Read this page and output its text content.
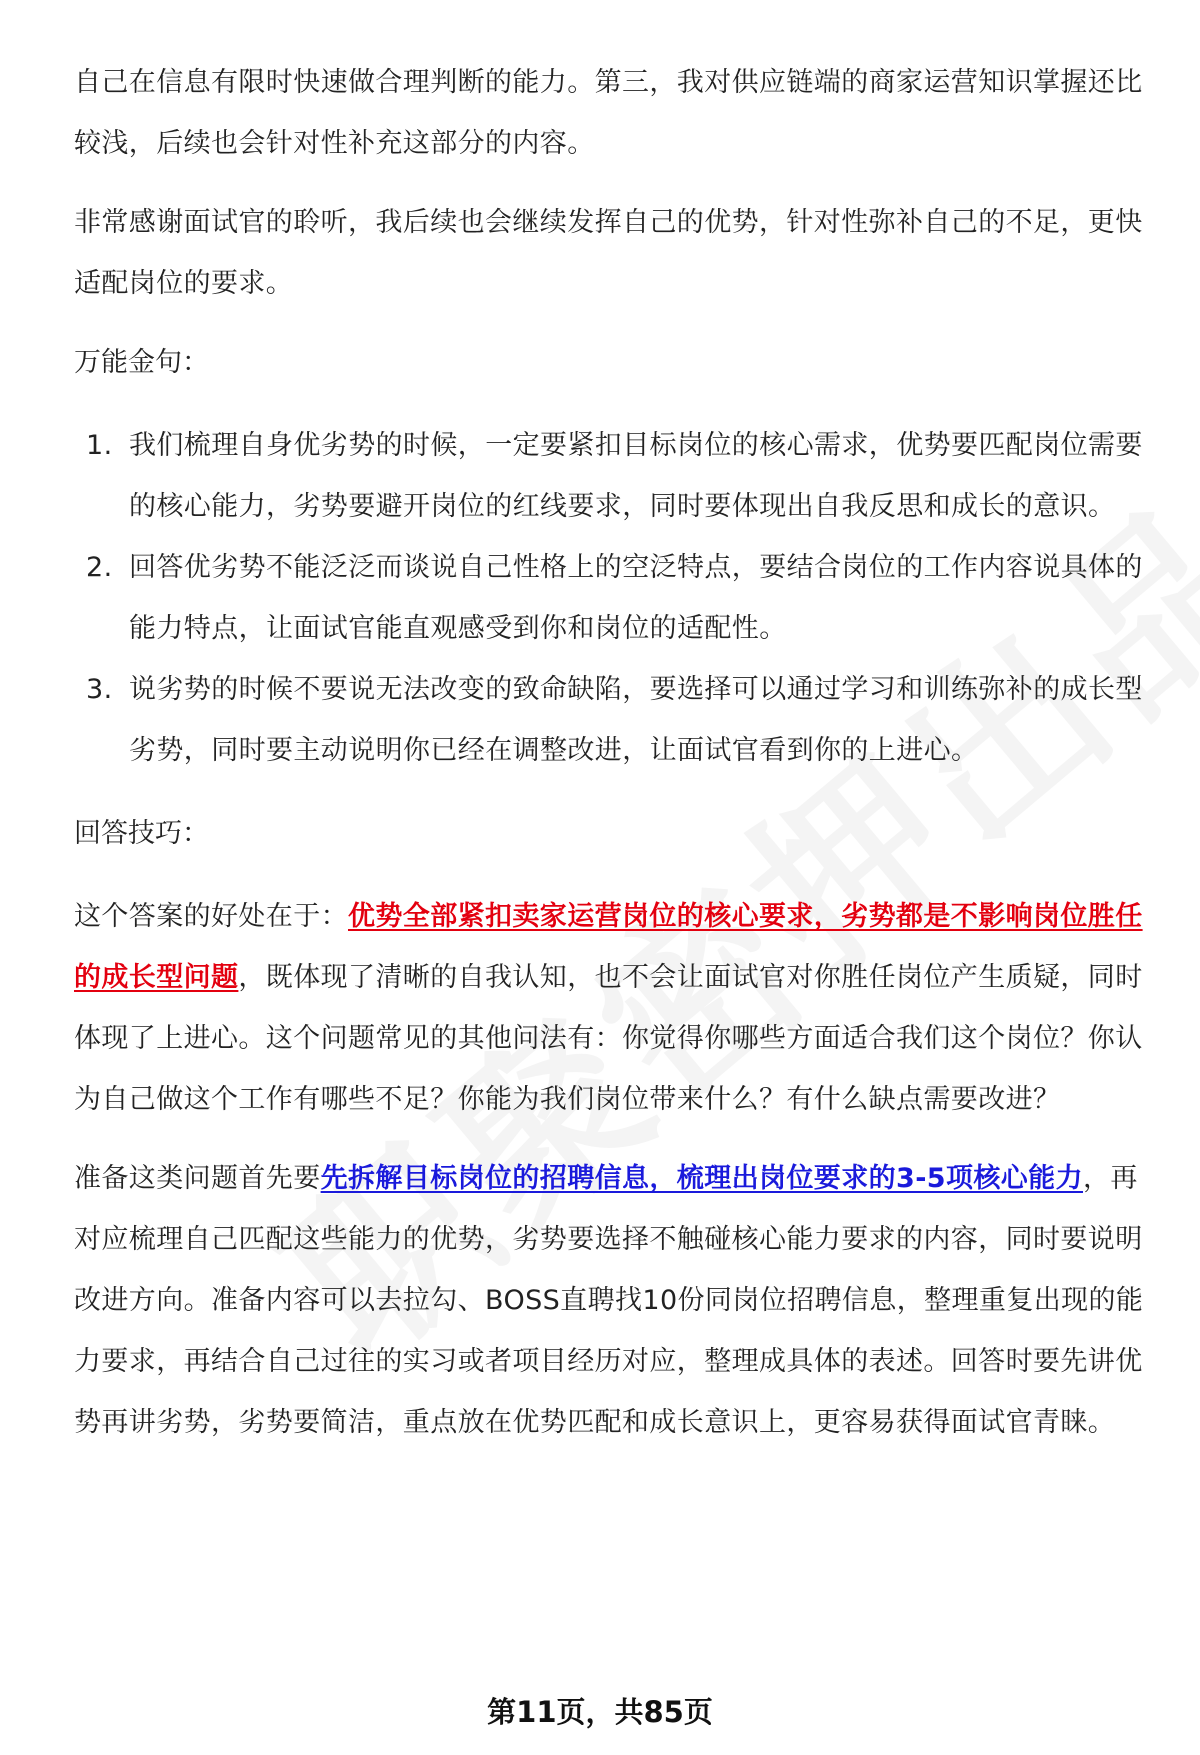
自己在信息有限时快速做合理判断的能力。第三，我对供应链端的商家运营知识掌握还比较浅，后续也会针对性补充这部分的内容。

非常感谢面试官的聆听，我后续也会继续发挥自己的优势，针对性弥补自己的不足，更快适配岗位的要求。

万能金句：

1. 我们梳理自身优劣势的时候，一定要紧扣目标岗位的核心需求，优势要匹配岗位需要的核心能力，劣势要避开岗位的红线要求，同时要体现出自我反思和成长的意识。
2. 回答优劣势不能泛泛而谈说自己性格上的空泛特点，要结合岗位的工作内容说具体的能力特点，让面试官能直观感受到你和岗位的适配性。
3. 说劣势的时候不要说无法改变的致命缺陷，要选择可以通过学习和训练弥补的成长型劣势，同时要主动说明你已经在调整改进，让面试官看到你的上进心。

回答技巧：

这个答案的好处在于：优势全部紧扣卖家运营岗位的核心要求，劣势都是不影响岗位胜任的成长型问题，既体现了清晰的自我认知，也不会让面试官对你胜任岗位产生质疑，同时体现了上进心。这个问题常见的其他问法有：你觉得你哪些方面适合我们这个岗位？你认为自己做这个工作有哪些不足？你能为我们岗位带来什么？有什么缺点需要改进？

准备这类问题首先要先拆解目标岗位的招聘信息，梳理出岗位要求的3-5项核心能力，再对应梳理自己匹配这些能力的优势，劣势要选择不触碰核心能力要求的内容，同时要说明改进方向。准备内容可以去拉勾、BOSS直聘找10份同岗位招聘信息，整理重复出现的能力要求，再结合自己过往的实习或者项目经历对应，整理成具体的表述。回答时要先讲优势再讲劣势，劣势要简洁，重点放在优势匹配和成长意识上，更容易获得面试官青睐。

第11页，共85页
